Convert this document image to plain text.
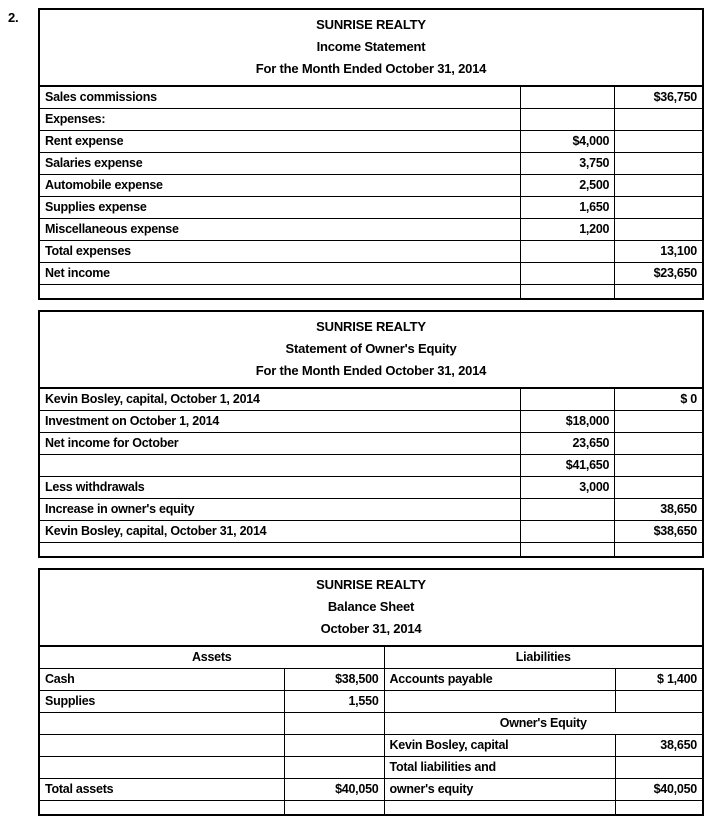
2.	SUNRISE REALTY
Income Statement
For the Month Ended October 31, 2014		

Sales commissions		$36,750
Expenses:		
Rent expense	$4,000	
Salaries expense	3,750	
Automobile expense	2,500	
Supplies expense	1,650	
Miscellaneous expense	1,200	
Total expenses		13,100
Net income		$23,650

SUNRISE REALTY
Statement of Owner's Equity
For the Month Ended October 31, 2014		

Kevin Bosley, capital, October 1, 2014		$ 0
Investment on October 1, 2014	$18,000	
Net income for October	23,650	
	$41,650	
Less withdrawals	3,000	
Increase in owner's equity		38,650
Kevin Bosley, capital, October 31, 2014		$38,650

SUNRISE REALTY
Balance Sheet
October 31, 2014			

Assets		Liabilities	
Cash	$38,500	Accounts payable	$ 1,400
Supplies	1,550		
		Owner's Equity	
		Kevin Bosley, capital	38,650
		Total liabilities and	
Total assets	$40,050	owner's equity	$40,050
